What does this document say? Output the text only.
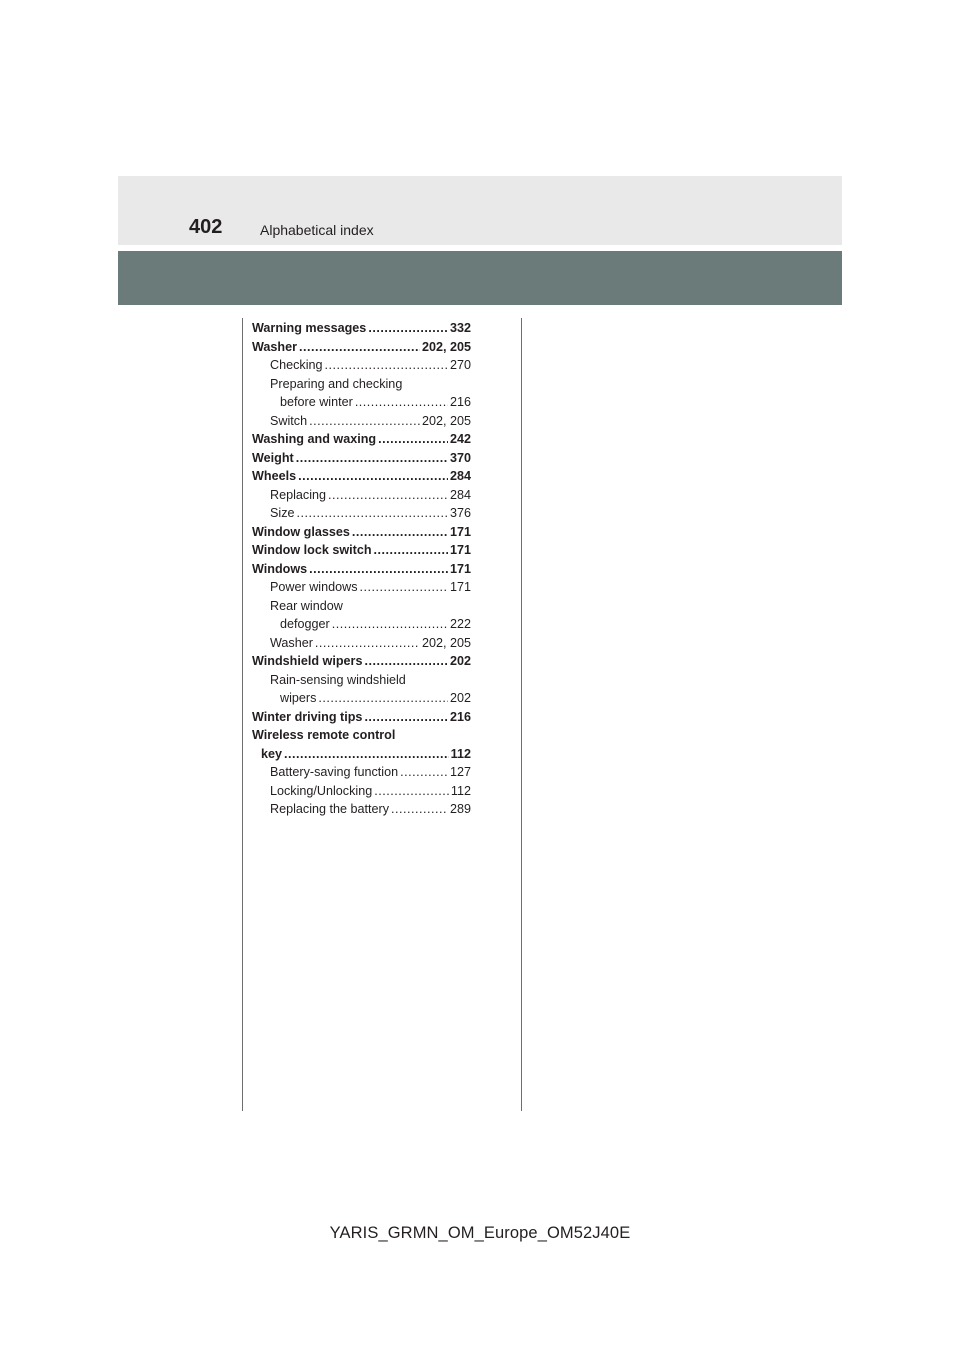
402	Alphabetical index
Warning messages .....	332
Washer .....	202, 205
Checking .....	270
Preparing and checking
before winter .....	216
Switch .....	202, 205
Washing and waxing .....	242
Weight .....	370
Wheels .....	284
Replacing .....	284
Size .....	376
Window glasses .....	171
Window lock switch .....	171
Windows .....	171
Power windows .....	171
Rear window
defogger .....	222
Washer .....	202, 205
Windshield wipers .....	202
Rain-sensing windshield
wipers .....	202
Winter driving tips .....	216
Wireless remote control
key .....	112
Battery-saving function .....	127
Locking/Unlocking .....	112
Replacing the battery .....	289
YARIS_GRMN_OM_Europe_OM52J40E
